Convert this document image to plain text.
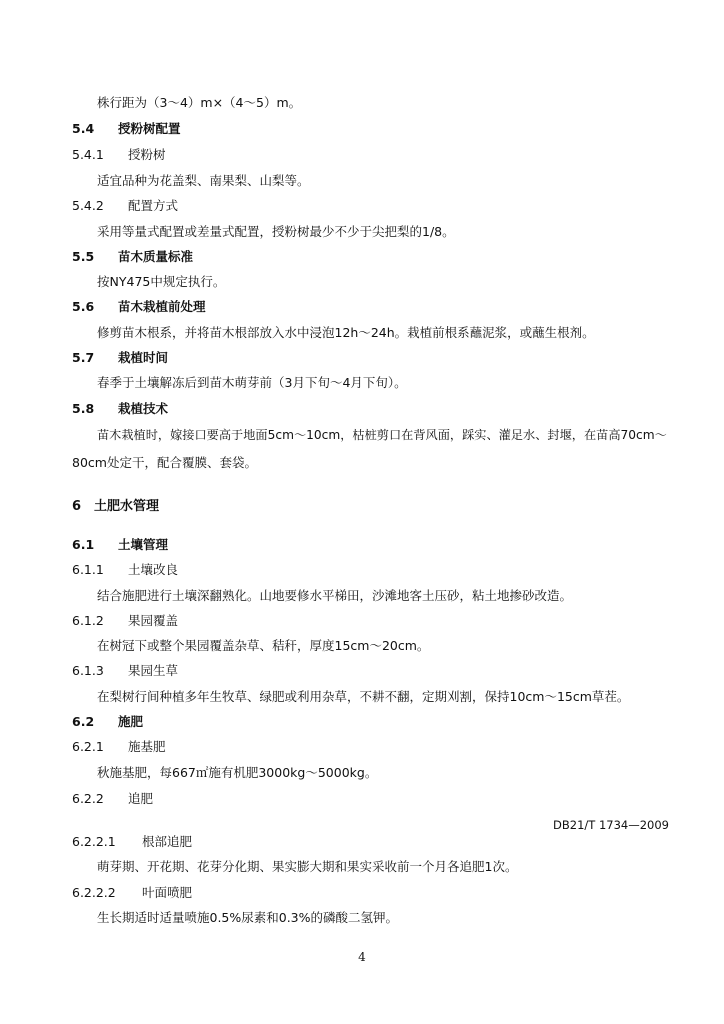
株行距为（3～4）m×（4～5）m。
5.4 授粉树配置
5.4.1 授粉树
适宜品种为花盖梨、南果梨、山梨等。
5.4.2 配置方式
采用等量式配置或差量式配置，授粉树最少不少于尖把梨的1/8。
5.5 苗木质量标准
按NY475中规定执行。
5.6 苗木栽植前处理
修剪苗木根系，并将苗木根部放入水中浸泡12h～24h。栽植前根系蘸泥浆，或蘸生根剂。
5.7 栽植时间
春季于土壤解冻后到苗木萌芽前（3月下旬～4月下旬）。
5.8 栽植技术
苗木栽植时，嫁接口要高于地面5cm～10cm，枯桩剪口在背风面，踩实、灌足水、封堰，在苗高70cm～
80cm处定干，配合覆膜、套袋。
6 土肥水管理
6.1 土壤管理
6.1.1 土壤改良
结合施肥进行土壤深翻熟化。山地要修水平梯田，沙滩地客土压砂，粘土地掺砂改造。
6.1.2 果园覆盖
在树冠下或整个果园覆盖杂草、秸秆，厚度15cm～20cm。
6.1.3 果园生草
在梨树行间种植多年生牧草、绿肥或利用杂草，不耕不翻，定期刈割，保持10cm～15cm草茬。
6.2 施肥
6.2.1 施基肥
秋施基肥，每667㎡施有机肥3000kg～5000kg。
6.2.2 追肥
DB21/T 1734—2009
6.2.2.1 根部追肥
萌芽期、开花期、花芽分化期、果实膨大期和果实采收前一个月各追肥1次。
6.2.2.2 叶面喷肥
生长期适时适量喷施0.5%尿素和0.3%的磷酸二氢钾。
4
